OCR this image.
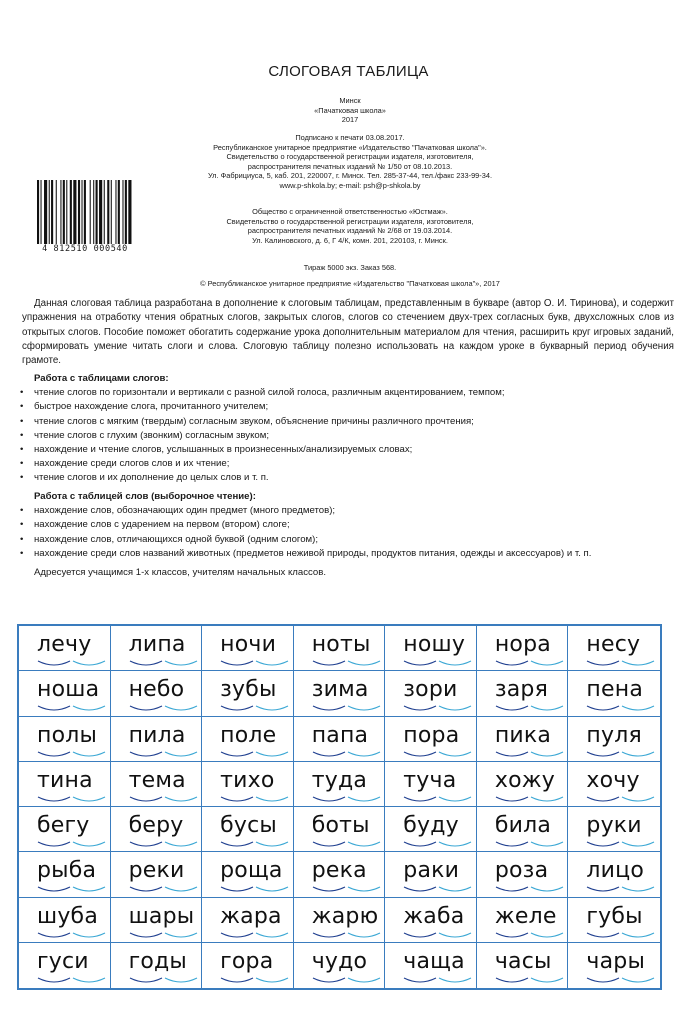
СЛОГОВАЯ ТАБЛИЦА
Минск
«Пачатковая школа»
2017
Подписано к печати 03.08.2017.
Республиканское унитарное предприятие «Издательство "Пачатковая школа"».
Свидетельство о государственной регистрации издателя, изготовителя,
распространителя печатных изданий № 1/50 от 08.10.2013.
Ул. Фабрициуса, 5, каб. 201, 220007, г. Минск. Тел. 285-37-44, тел./факс 233-99-34.
www.p-shkola.by; e-mail: psh@p-shkola.by
Общество с ограниченной ответственностью «Юстмаж».
Свидетельство о государственной регистрации издателя, изготовителя,
распространителя печатных изданий № 2/68 от 19.03.2014.
Ул. Калиновского, д. 6, Г 4/К, комн. 201, 220103, г. Минск.
Тираж 5000 экз. Заказ 568.
© Республиканское унитарное предприятие «Издательство "Пачатковая школа"», 2017
4 812510 000540

Данная слоговая таблица разработана в дополнение к слоговым таблицам, представленным в букваре (автор О. И. Тиринова), и содержит упражнения на отработку чтения обратных слогов, закрытых слогов, слогов со стечением двух-трех согласных букв, двухсложных слов из открытых слогов. Пособие поможет обогатить содержание урока дополнительным материалом для чтения, расширить круг игровых заданий, сформировать умение читать слоги и слова. Слоговую таблицу полезно использовать на каждом уроке в букварный период обучения грамоте.

Работа с таблицами слогов:
• чтение слогов по горизонтали и вертикали с разной силой голоса, различным акцентированием, темпом;
• быстрое нахождение слога, прочитанного учителем;
• чтение слогов с мягким (твердым) согласным звуком, объяснение причины различного прочтения;
• чтение слогов с глухим (звонким) согласным звуком;
• нахождение и чтение слогов, услышанных в произнесенных/анализируемых словах;
• нахождение среди слогов слов и их чтение;
• чтение слогов и их дополнение до целых слов и т. п.
Работа с таблицей слов (выборочное чтение):
• нахождение слов, обозначающих один предмет (много предметов);
• нахождение слов с ударением на первом (втором) слоге;
• нахождение слов, отличающихся одной буквой (одним слогом);
• нахождение среди слов названий животных (предметов неживой природы, продуктов питания, одежды и аксессуаров) и т. п.
Адресуется учащимся 1-х классов, учителям начальных классов.
лечу липа ночи ноты ношу нора несу
ноша небо зубы зима зори заря пена
полы пила поле папа пора пика пуля
тина тема тихо туда туча хожу хочу
бегу беру бусы боты буду била руки
рыба реки роща река раки роза лицо
шуба шары жара жарю жаба желе губы
гуси годы гора чудо чаща часы чары
